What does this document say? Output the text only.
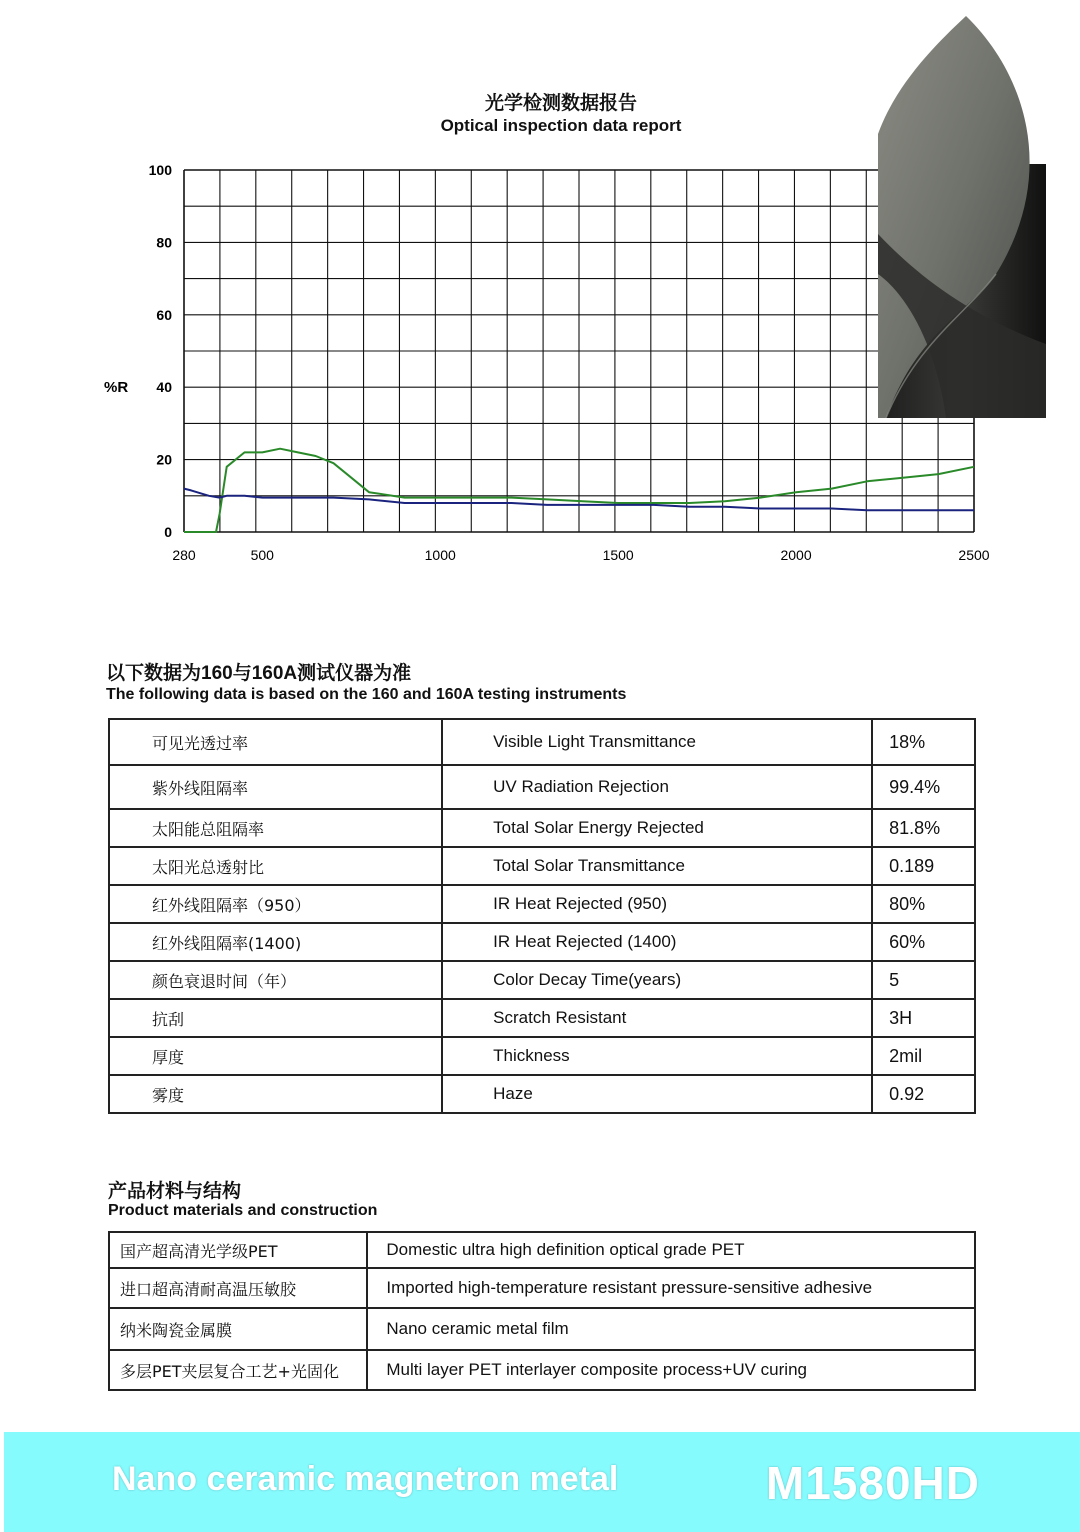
光学检测数据报告
Optical inspection data report
100
80
60
40
20
0
280	500	1000	1500	2000	2500
%R
以下数据为160与160A测试仪器为准
The following data is based on the 160 and 160A testing instruments
可见光透过率	Visible Light Transmittance	18%
紫外线阻隔率	UV Radiation Rejection	99.4%
太阳能总阻隔率	Total Solar Energy Rejected	81.8%
太阳光总透射比	Total Solar Transmittance	0.189
红外线阻隔率（950）	IR Heat Rejected (950)	80%
红外线阻隔率(1400)	IR Heat Rejected (1400)	60%
颜色衰退时间（年）	Color Decay Time(years)	5
抗刮	Scratch Resistant	3H
厚度	Thickness	2mil
雾度	Haze	0.92
产品材料与结构
Product materials and construction
国产超高清光学级PET	Domestic ultra high definition optical grade PET
进口超高清耐高温压敏胶	Imported high-temperature resistant pressure-sensitive adhesive
纳米陶瓷金属膜	Nano ceramic metal film
多层PET夹层复合工艺+光固化	Multi layer PET interlayer composite process+UV curing
Nano ceramic magnetron metal	M1580HD
